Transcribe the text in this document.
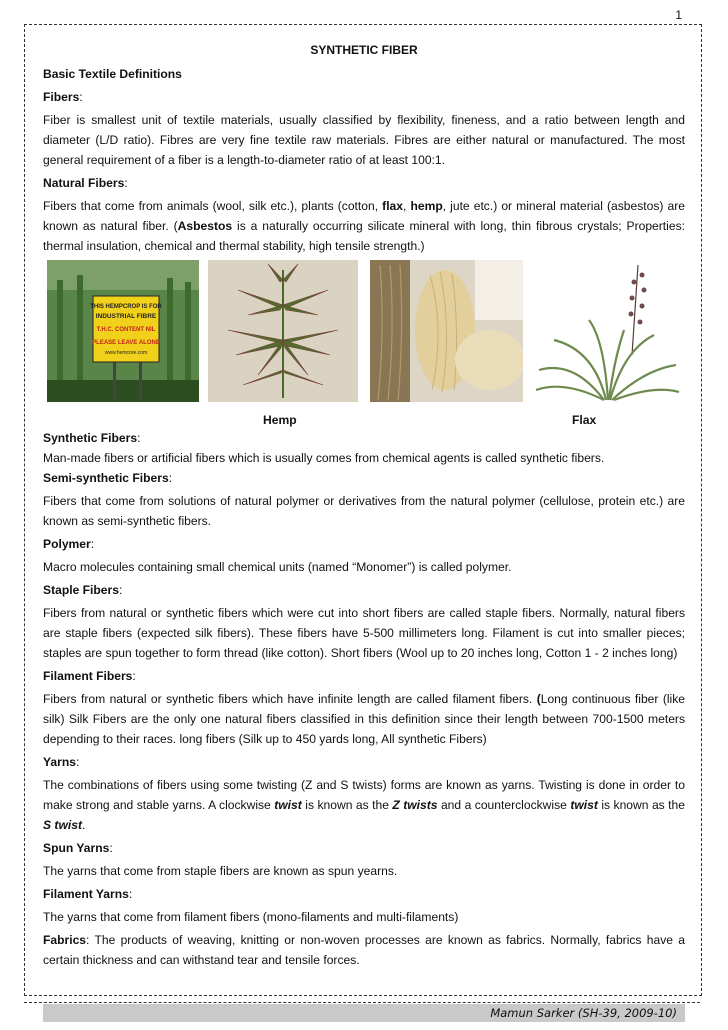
1
SYNTHETIC FIBER

Basic Textile Definitions

Fibers:

Fiber is smallest unit of textile materials, usually classified by flexibility, fineness, and a ratio between length and diameter (L/D ratio). Fibres are very fine textile raw materials. Fibres are either natural or manufactured. The most general requirement of a fiber is a length-to-diameter ratio of at least 100:1.

Natural Fibers:

Fibers that come from animals (wool, silk etc.), plants (cotton, flax, hemp, jute etc.) or mineral material (asbestos) are known as natural fiber. (Asbestos is a naturally occurring silicate mineral with long, thin fibrous crystals; Properties: thermal insulation, chemical and thermal stability, high tensile strength.)

THIS HEMPCROP IS FOR
INDUSTRIAL FIBRE
T.H.C. CONTENT NIL
PLEASE LEAVE ALONE
www.hemcore.com
Hemp	Flax

Synthetic Fibers:

Man-made fibers or artificial fibers which is usually comes from chemical agents is called synthetic fibers.

Semi-synthetic Fibers:

Fibers that come from solutions of natural polymer or derivatives from the natural polymer (cellulose, protein etc.) are known as semi-synthetic fibers.

Polymer:

Macro molecules containing small chemical units (named “Monomer”) is called polymer.

Staple Fibers:

Fibers from natural or synthetic fibers which were cut into short fibers are called staple fibers. Normally, natural fibers are staple fibers (expected silk fibers). These fibers have 5-500 millimeters long. Filament is cut into smaller pieces; staples are spun together to form thread (like cotton). Short fibers (Wool up to 20 inches long, Cotton 1 - 2 inches long)

Filament Fibers:

Fibers from natural or synthetic fibers which have infinite length are called filament fibers. (Long continuous fiber (like silk) Silk Fibers are the only one natural fibers classified in this definition since their length between 700-1500 meters depending to their races. long fibers (Silk up to 450 yards long, All synthetic Fibers)

Yarns:

The combinations of fibers using some twisting (Z and S twists) forms are known as yarns. Twisting is done in order to make strong and stable yarns. A clockwise twist is known as the Z twists and a counterclockwise twist is known as the S twist.

Spun Yarns:

The yarns that come from staple fibers are known as spun yearns.

Filament Yarns:

The yarns that come from filament fibers (mono-filaments and multi-filaments)

Fabrics: The products of weaving, knitting or non-woven processes are known as fabrics. Normally, fabrics have a certain thickness and can withstand tear and tensile forces.

Mamun Sarker (SH-39, 2009-10)
